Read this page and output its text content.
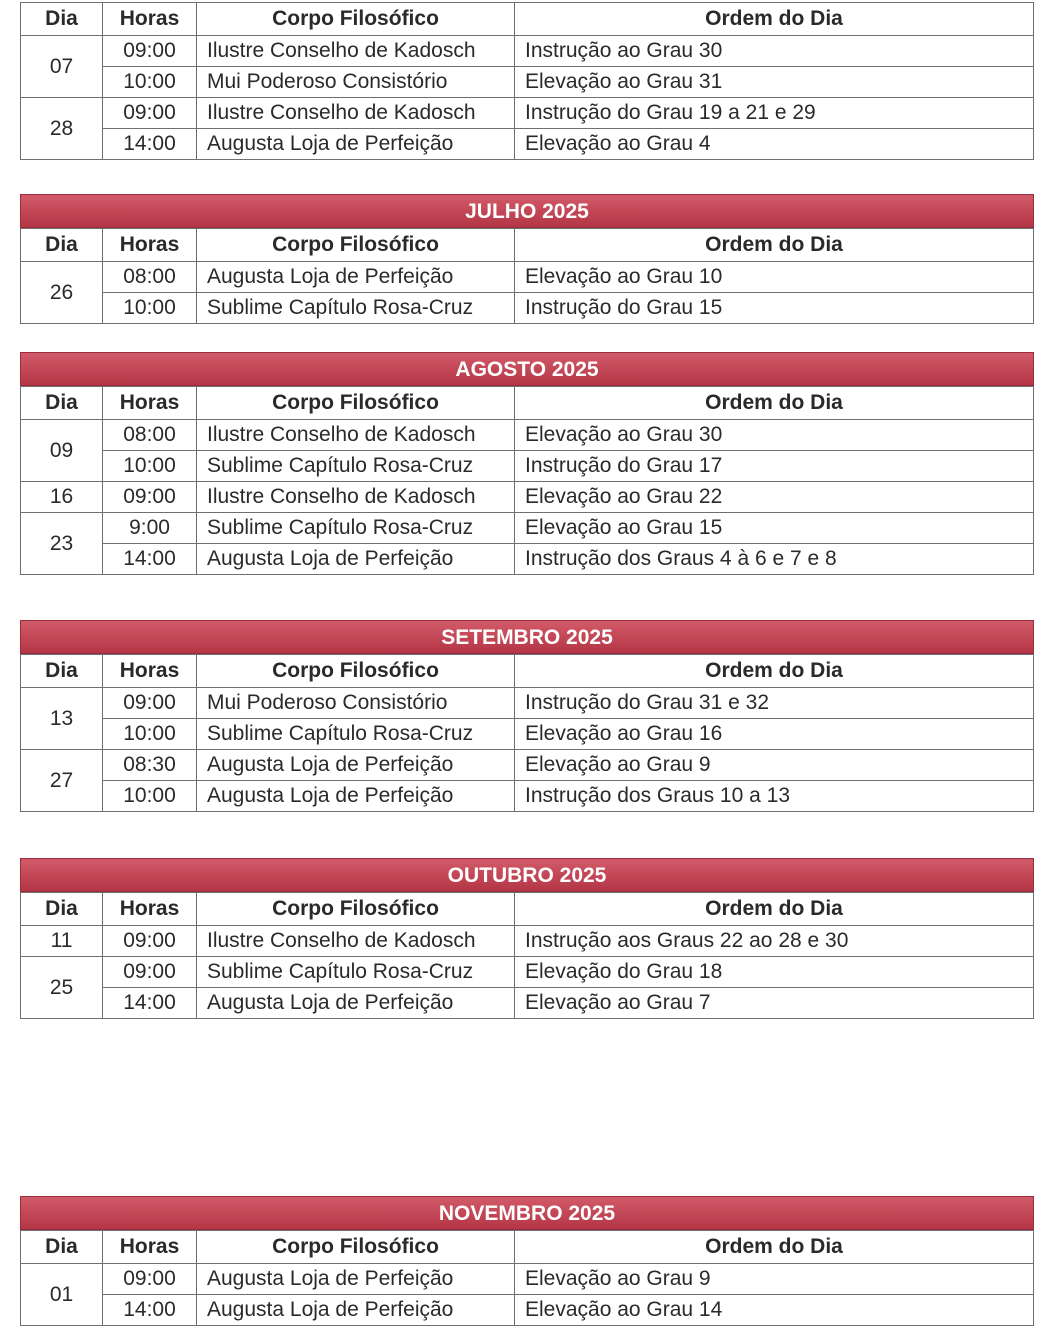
Dia	Horas	Corpo Filosófico	Ordem do Dia
07	09:00	Ilustre Conselho de Kadosch	Instrução ao Grau 30
	10:00	Mui Poderoso Consistório	Elevação ao Grau 31
28	09:00	Ilustre Conselho de Kadosch	Instrução do Grau 19 a 21 e 29
	14:00	Augusta Loja de Perfeição	Elevação ao Grau 4
JULHO 2025
Dia	Horas	Corpo Filosófico	Ordem do Dia
26	08:00	Augusta Loja de Perfeição	Elevação ao Grau 10
	10:00	Sublime Capítulo Rosa-Cruz	Instrução do Grau 15
AGOSTO 2025
Dia	Horas	Corpo Filosófico	Ordem do Dia
09	08:00	Ilustre Conselho de Kadosch	Elevação ao Grau 30
	10:00	Sublime Capítulo Rosa-Cruz	Instrução do Grau 17
16	09:00	Ilustre Conselho de Kadosch	Elevação ao Grau 22
23	9:00	Sublime Capítulo Rosa-Cruz	Elevação ao Grau 15
	14:00	Augusta Loja de Perfeição	Instrução dos Graus 4 à 6 e 7 e 8
SETEMBRO 2025
Dia	Horas	Corpo Filosófico	Ordem do Dia
13	09:00	Mui Poderoso Consistório	Instrução do Grau 31 e 32
	10:00	Sublime Capítulo Rosa-Cruz	Elevação ao Grau 16
27	08:30	Augusta Loja de Perfeição	Elevação ao Grau 9
	10:00	Augusta Loja de Perfeição	Instrução dos Graus 10 a 13
OUTUBRO 2025
Dia	Horas	Corpo Filosófico	Ordem do Dia
11	09:00	Ilustre Conselho de Kadosch	Instrução aos Graus 22 ao 28 e 30
25	09:00	Sublime Capítulo Rosa-Cruz	Elevação do Grau 18
	14:00	Augusta Loja de Perfeição	Elevação ao Grau 7
NOVEMBRO 2025
Dia	Horas	Corpo Filosófico	Ordem do Dia
01	09:00	Augusta Loja de Perfeição	Elevação ao Grau 9
	14:00	Augusta Loja de Perfeição	Elevação ao Grau 14
